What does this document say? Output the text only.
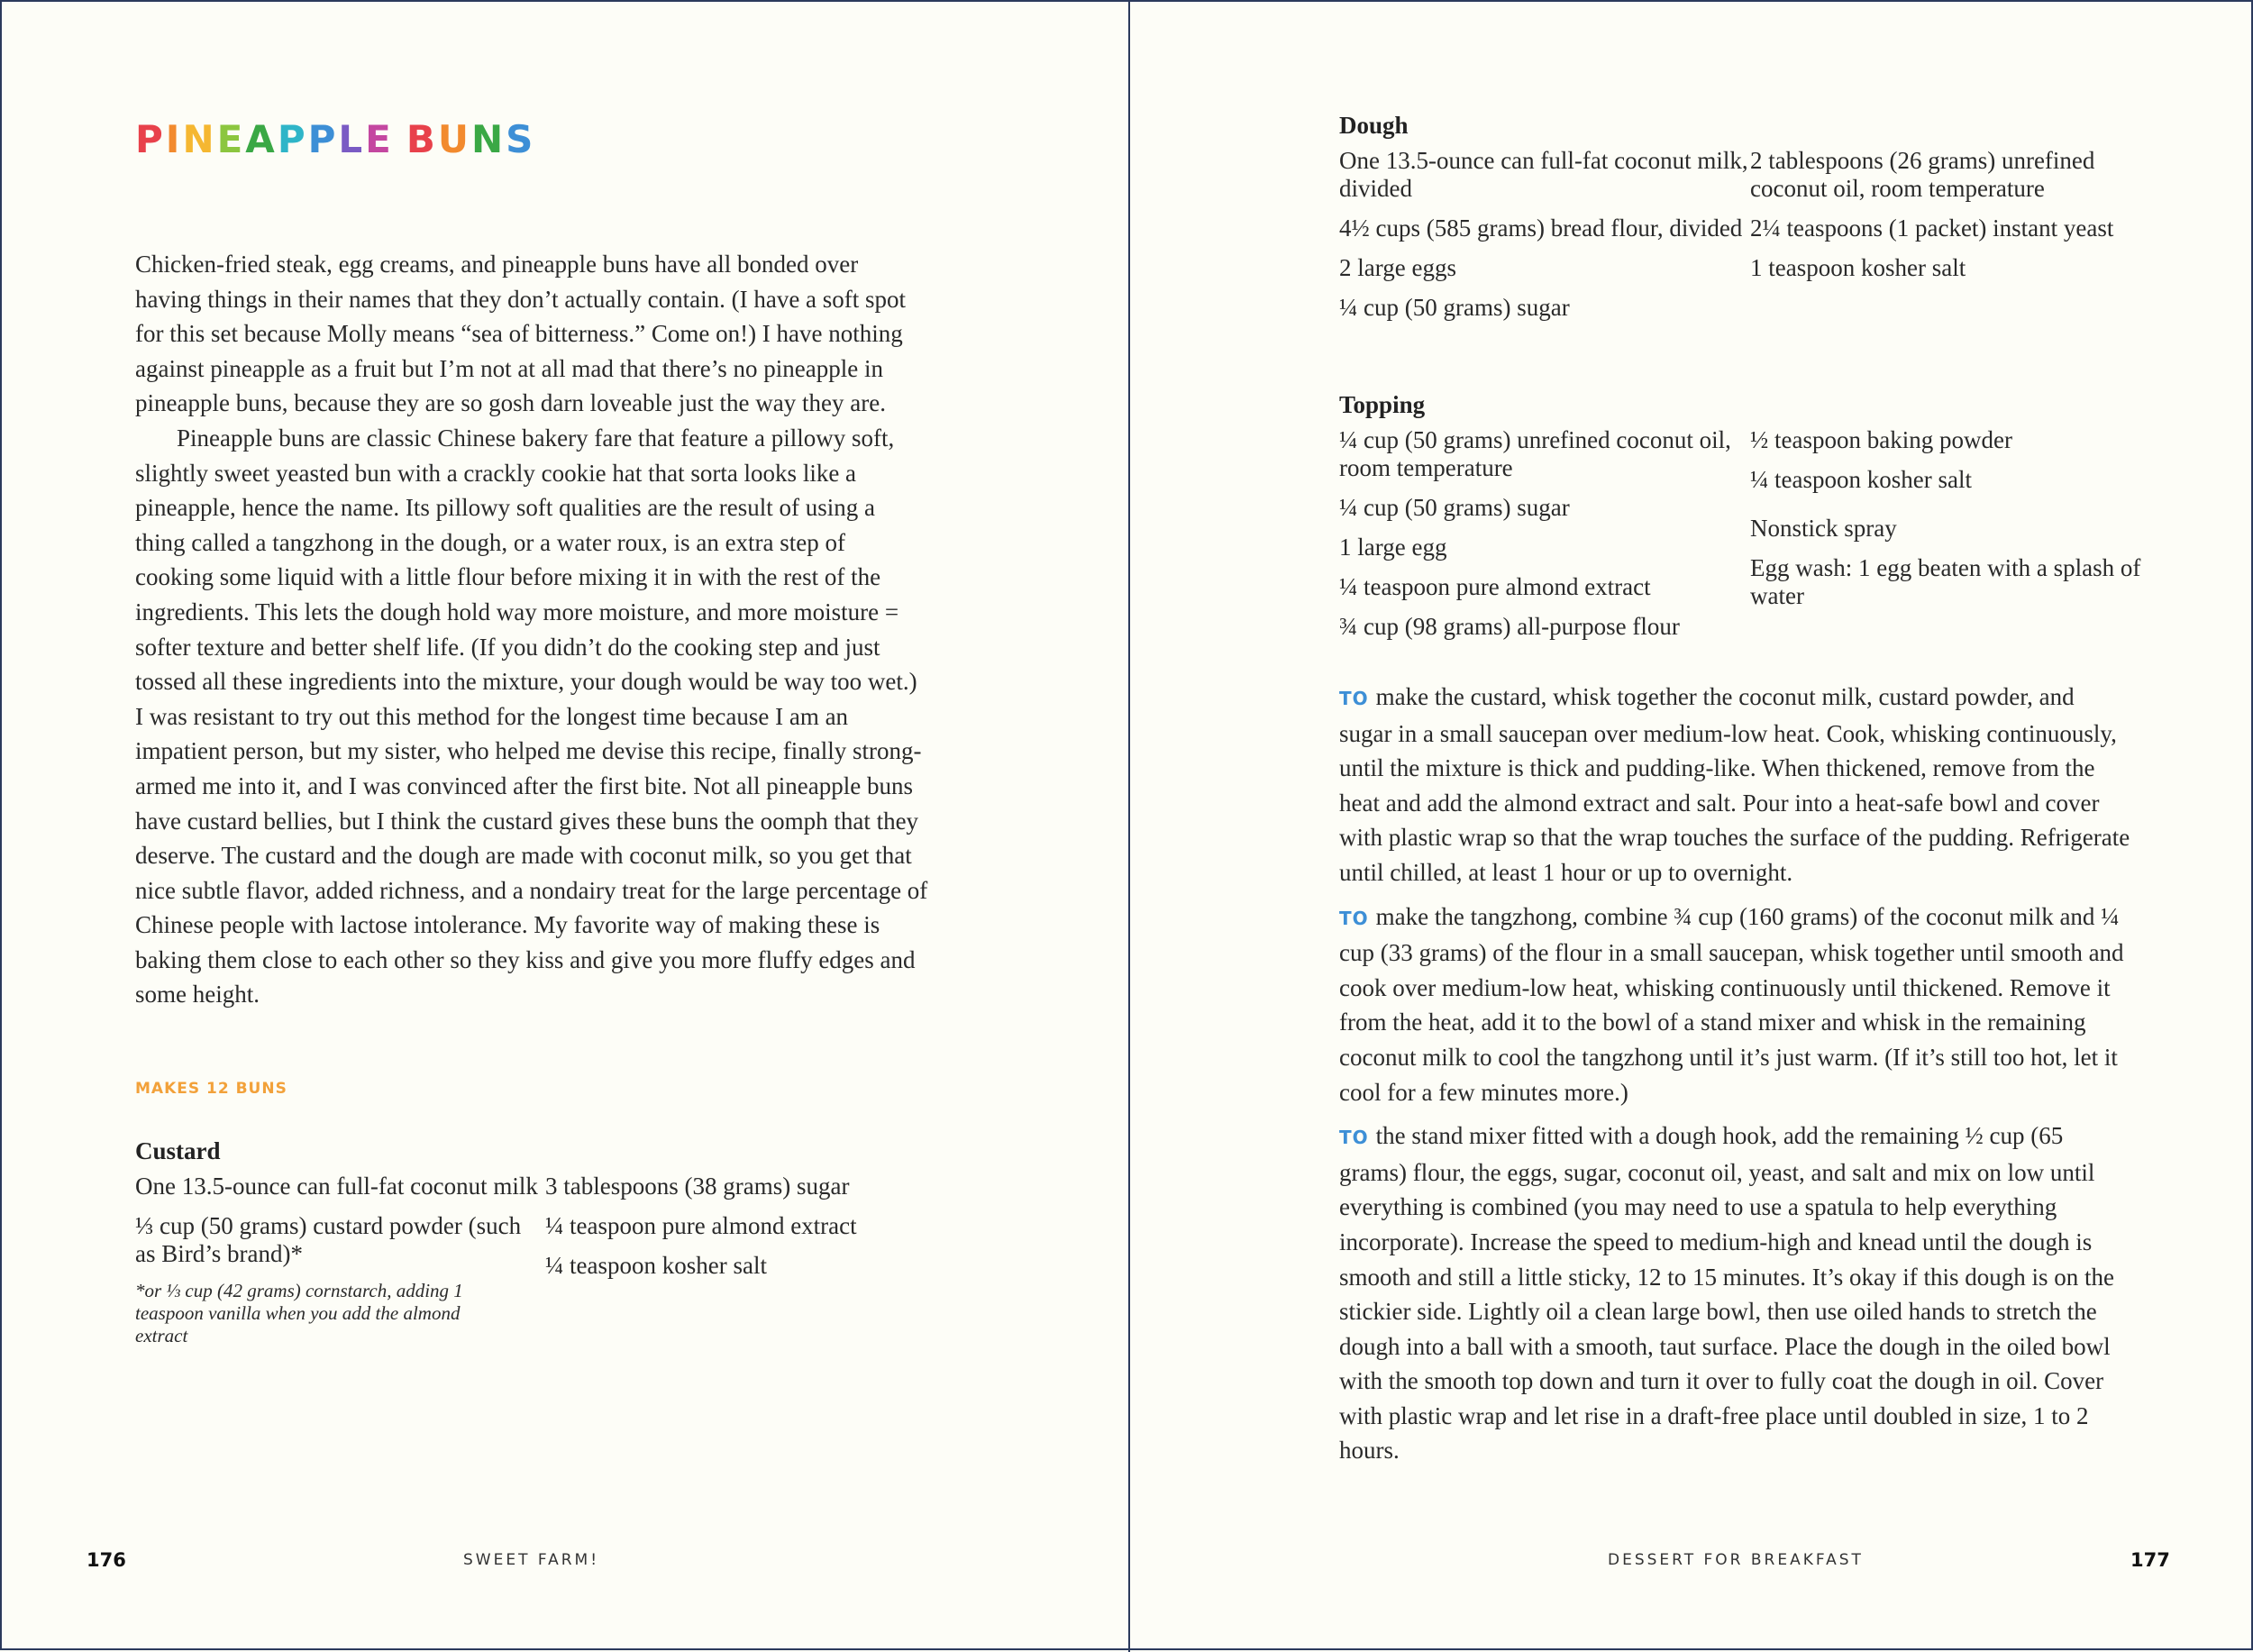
PINEAPPLE BUNS

Chicken-fried steak, egg creams, and pineapple buns have all bonded over having things in their names that they don’t actually contain. (I have a soft spot for this set because Molly means “sea of bitterness.” Come on!) I have nothing against pineapple as a fruit but I’m not at all mad that there’s no pineapple in pineapple buns, because they are so gosh darn loveable just the way they are.

Pineapple buns are classic Chinese bakery fare that feature a pillowy soft, slightly sweet yeasted bun with a crackly cookie hat that sorta looks like a pineapple, hence the name. Its pillowy soft qualities are the result of using a thing called a tangzhong in the dough, or a water roux, is an extra step of cooking some liquid with a little flour before mixing it in with the rest of the ingredients. This lets the dough hold way more moisture, and more moisture = softer texture and better shelf life. (If you didn’t do the cooking step and just tossed all these ingredients into the mixture, your dough would be way too wet.) I was resistant to try out this method for the longest time because I am an impatient person, but my sister, who helped me devise this recipe, finally strong-armed me into it, and I was convinced after the first bite. Not all pineapple buns have custard bellies, but I think the custard gives these buns the oomph that they deserve. The custard and the dough are made with coconut milk, so you get that nice subtle flavor, added richness, and a nondairy treat for the large percentage of Chinese people with lactose intolerance. My favorite way of making these is baking them close to each other so they kiss and give you more fluffy edges and some height.

MAKES 12 BUNS
Custard
One 13.5-ounce can full-fat coconut milk
⅓ cup (50 grams) custard powder (such as Bird’s brand)*
*or ⅓ cup (42 grams) cornstarch, adding 1 teaspoon vanilla when you add the almond extract
3 tablespoons (38 grams) sugar
¼ teaspoon pure almond extract
¼ teaspoon kosher salt
176	SWEET FARM!
Dough
One 13.5-ounce can full-fat coconut milk, divided
4½ cups (585 grams) bread flour, divided
2 large eggs
¼ cup (50 grams) sugar
2 tablespoons (26 grams) unrefined coconut oil, room temperature
2¼ teaspoons (1 packet) instant yeast
1 teaspoon kosher salt
Topping
¼ cup (50 grams) unrefined coconut oil, room temperature
¼ cup (50 grams) sugar
1 large egg
¼ teaspoon pure almond extract
¾ cup (98 grams) all-purpose flour
½ teaspoon baking powder
¼ teaspoon kosher salt
Nonstick spray
Egg wash: 1 egg beaten with a splash of water

TO make the custard, whisk together the coconut milk, custard powder, and sugar in a small saucepan over medium-low heat. Cook, whisking continuously, until the mixture is thick and pudding-like. When thickened, remove from the heat and add the almond extract and salt. Pour into a heat-safe bowl and cover with plastic wrap so that the wrap touches the surface of the pudding. Refrigerate until chilled, at least 1 hour or up to overnight.

TO make the tangzhong, combine ¾ cup (160 grams) of the coconut milk and ¼ cup (33 grams) of the flour in a small saucepan, whisk together until smooth and cook over medium-low heat, whisking continuously until thickened. Remove it from the heat, add it to the bowl of a stand mixer and whisk in the remaining coconut milk to cool the tangzhong until it’s just warm. (If it’s still too hot, let it cool for a few minutes more.)

TO the stand mixer fitted with a dough hook, add the remaining ½ cup (65 grams) flour, the eggs, sugar, coconut oil, yeast, and salt and mix on low until everything is combined (you may need to use a spatula to help everything incorporate). Increase the speed to medium-high and knead until the dough is smooth and still a little sticky, 12 to 15 minutes. It’s okay if this dough is on the stickier side. Lightly oil a clean large bowl, then use oiled hands to stretch the dough into a ball with a smooth, taut surface. Place the dough in the oiled bowl with the smooth top down and turn it over to fully coat the dough in oil. Cover with plastic wrap and let rise in a draft-free place until doubled in size, 1 to 2 hours.

DESSERT FOR BREAKFAST	177
